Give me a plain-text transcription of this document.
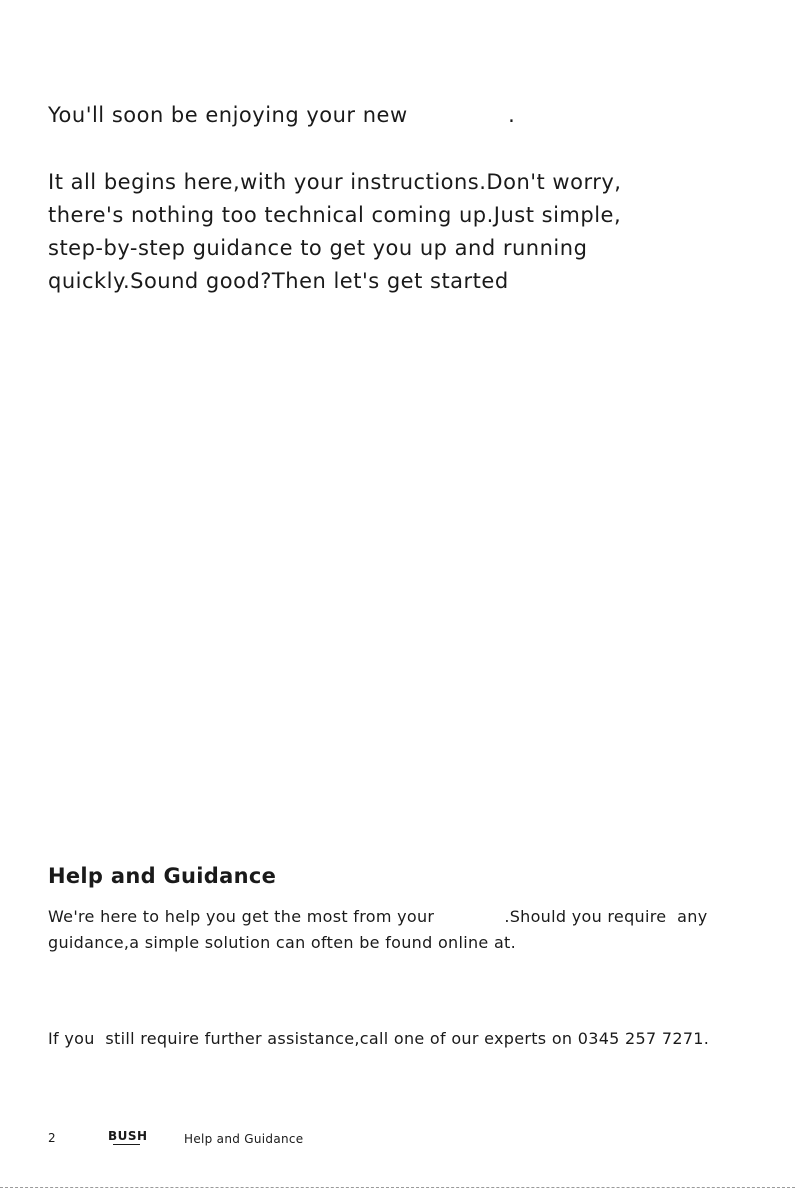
You'll soon be enjoying your new              .

It all begins here,with your instructions.Don't worry,
there's nothing too technical coming up.Just simple,
step-by-step guidance to get you up and running
quickly.Sound good?Then let's get started

Help and Guidance

We're here to help you get the most from your             .Should you require  any
guidance,a simple solution can often be found online at.

If you  still require further assistance,call one of our experts on 0345 257 7271.

2	BUSH	Help and Guidance
